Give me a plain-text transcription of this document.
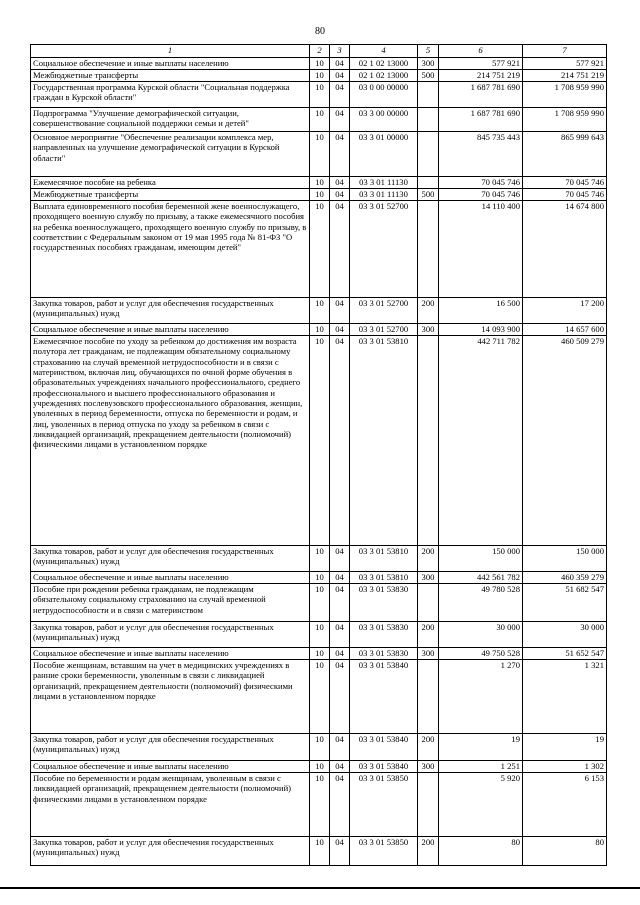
80
1	2	3	4	5	6	7
Социальное обеспечение и иные выплаты населению	10	04	02 1 02 13000	300	577 921	577 921
Межбюджетные трансферты	10	04	02 1 02 13000	500	214 751 219	214 751 219
Государственная программа Курской области "Социальная поддержка граждан в Курской области"	10	04	03 0 00 00000		1 687 781 690	1 708 959 990
Подпрограмма "Улучшение демографической ситуации, совершенствование социальной поддержки семьи и детей"	10	04	03 3 00 00000		1 687 781 690	1 708 959 990
Основное мероприятие "Обеспечение реализации комплекса мер, направленных на улучшение демографической ситуации в Курской области"	10	04	03 3 01 00000		845 735 443	865 999 643
Ежемесячное пособие на ребенка	10	04	03 3 01 11130		70 045 746	70 045 746
Межбюджетные трансферты	10	04	03 3 01 11130	500	70 045 746	70 045 746
Выплата единовременного пособия беременной жене военнослужащего, проходящего военную службу по призыву, а также ежемесячного пособия на ребенка военнослужащего, проходящего военную службу по призыву, в соответствии с Федеральным законом от 19 мая 1995 года № 81-ФЗ "О государственных пособиях гражданам, имеющим детей"	10	04	03 3 01 52700		14 110 400	14 674 800
Закупка товаров, работ и услуг для обеспечения государственных (муниципальных) нужд	10	04	03 3 01 52700	200	16 500	17 200
Социальное обеспечение и иные выплаты населению	10	04	03 3 01 52700	300	14 093 900	14 657 600
Ежемесячное пособие по уходу за ребенком до достижения им возраста полутора лет гражданам, не подлежащим обязательному социальному страхованию на случай временной нетрудоспособности и в связи с материнством, включая лиц, обучающихся по очной форме обучения в образовательных учреждениях начального профессионального, среднего профессионального и высшего профессионального образования и учреждениях послевузовского профессионального образования, женщин, уволенных в период беременности, отпуска по беременности и родам, и лиц, уволенных в период отпуска по уходу за ребенком в связи с ликвидацией организаций, прекращением деятельности (полномочий) физическими лицами в установленном порядке	10	04	03 3 01 53810		442 711 782	460 509 279
Закупка товаров, работ и услуг для обеспечения государственных (муниципальных) нужд	10	04	03 3 01 53810	200	150 000	150 000
Социальное обеспечение и иные выплаты населению	10	04	03 3 01 53810	300	442 561 782	460 359 279
Пособие при рождении ребенка гражданам, не подлежащим обязательному социальному страхованию на случай временной нетрудоспособности и в связи с материнством	10	04	03 3 01 53830		49 780 528	51 682 547
Закупка товаров, работ и услуг для обеспечения государственных (муниципальных) нужд	10	04	03 3 01 53830	200	30 000	30 000
Социальное обеспечение и иные выплаты населению	10	04	03 3 01 53830	300	49 750 528	51 652 547
Пособие женщинам, вставшим на учет в медицинских учреждениях в ранние сроки беременности, уволенным в связи с ликвидацией организаций, прекращением деятельности (полномочий) физическими лицами в установленном порядке	10	04	03 3 01 53840		1 270	1 321
Закупка товаров, работ и услуг для обеспечения государственных (муниципальных) нужд	10	04	03 3 01 53840	200	19	19
Социальное обеспечение и иные выплаты населению	10	04	03 3 01 53840	300	1 251	1 302
Пособие по беременности и родам женщинам, уволенным в связи с ликвидацией организаций, прекращением деятельности (полномочий) физическими лицами в установленном порядке	10	04	03 3 01 53850		5 920	6 153
Закупка товаров, работ и услуг для обеспечения государственных (муниципальных) нужд	10	04	03 3 01 53850	200	80	80
